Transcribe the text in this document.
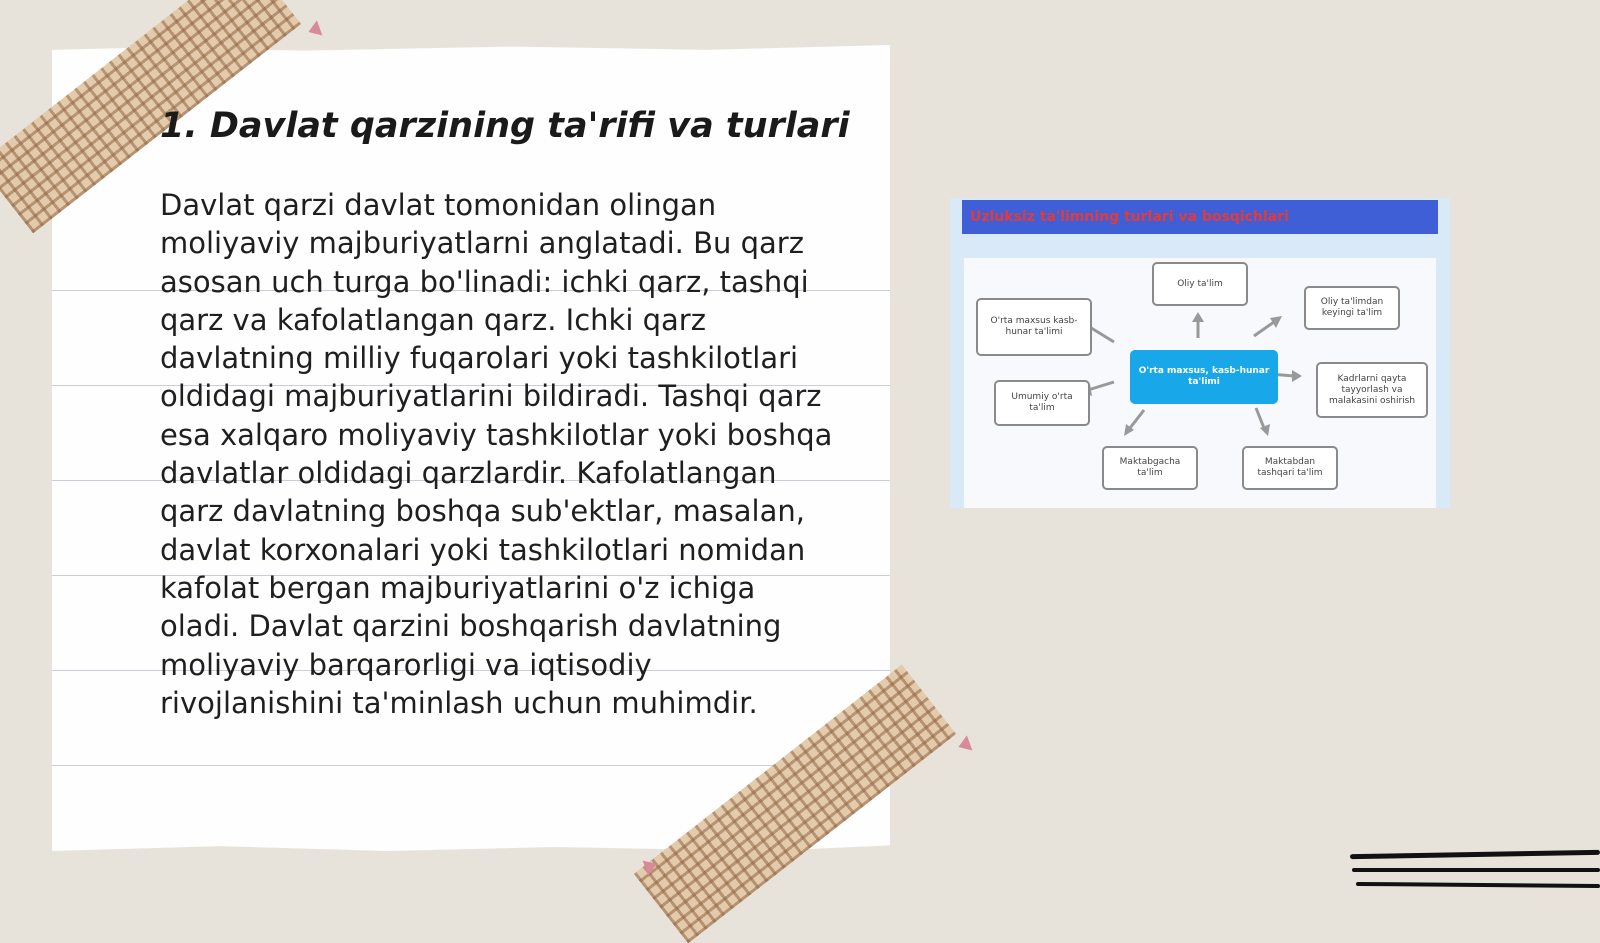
1. Davlat qarzining ta'rifi va turlari

Davlat qarzi davlat tomonidan olingan moliyaviy majburiyatlarni anglatadi. Bu qarz asosan uch turga bo'linadi: ichki qarz, tashqi qarz va kafolatlangan qarz. Ichki qarz davlatning milliy fuqarolari yoki tashkilotlari oldidagi majburiyatlarini bildiradi. Tashqi qarz esa xalqaro moliyaviy tashkilotlar yoki boshqa davlatlar oldidagi qarzlardir. Kafolatlangan qarz davlatning boshqa sub'ektlar, masalan, davlat korxonalari yoki tashkilotlari nomidan kafolat bergan majburiyatlarini o'z ichiga oladi. Davlat qarzini boshqarish davlatning moliyaviy barqarorligi va iqtisodiy rivojlanishini ta'minlash uchun muhimdir.

Uzluksiz ta'limning turlari va bosqichlari
Oliy ta'lim
Oliy ta'limdan keyingi ta'lim
O'rta maxsus kasb-hunar ta'limi
O'rta maxsus, kasb-hunar ta'limi	Kadrlarni qayta tayyorlash va malakasini oshirish
Umumiy o'rta ta'lim
Maktabgacha ta'lim
Maktabdan tashqari ta'lim
